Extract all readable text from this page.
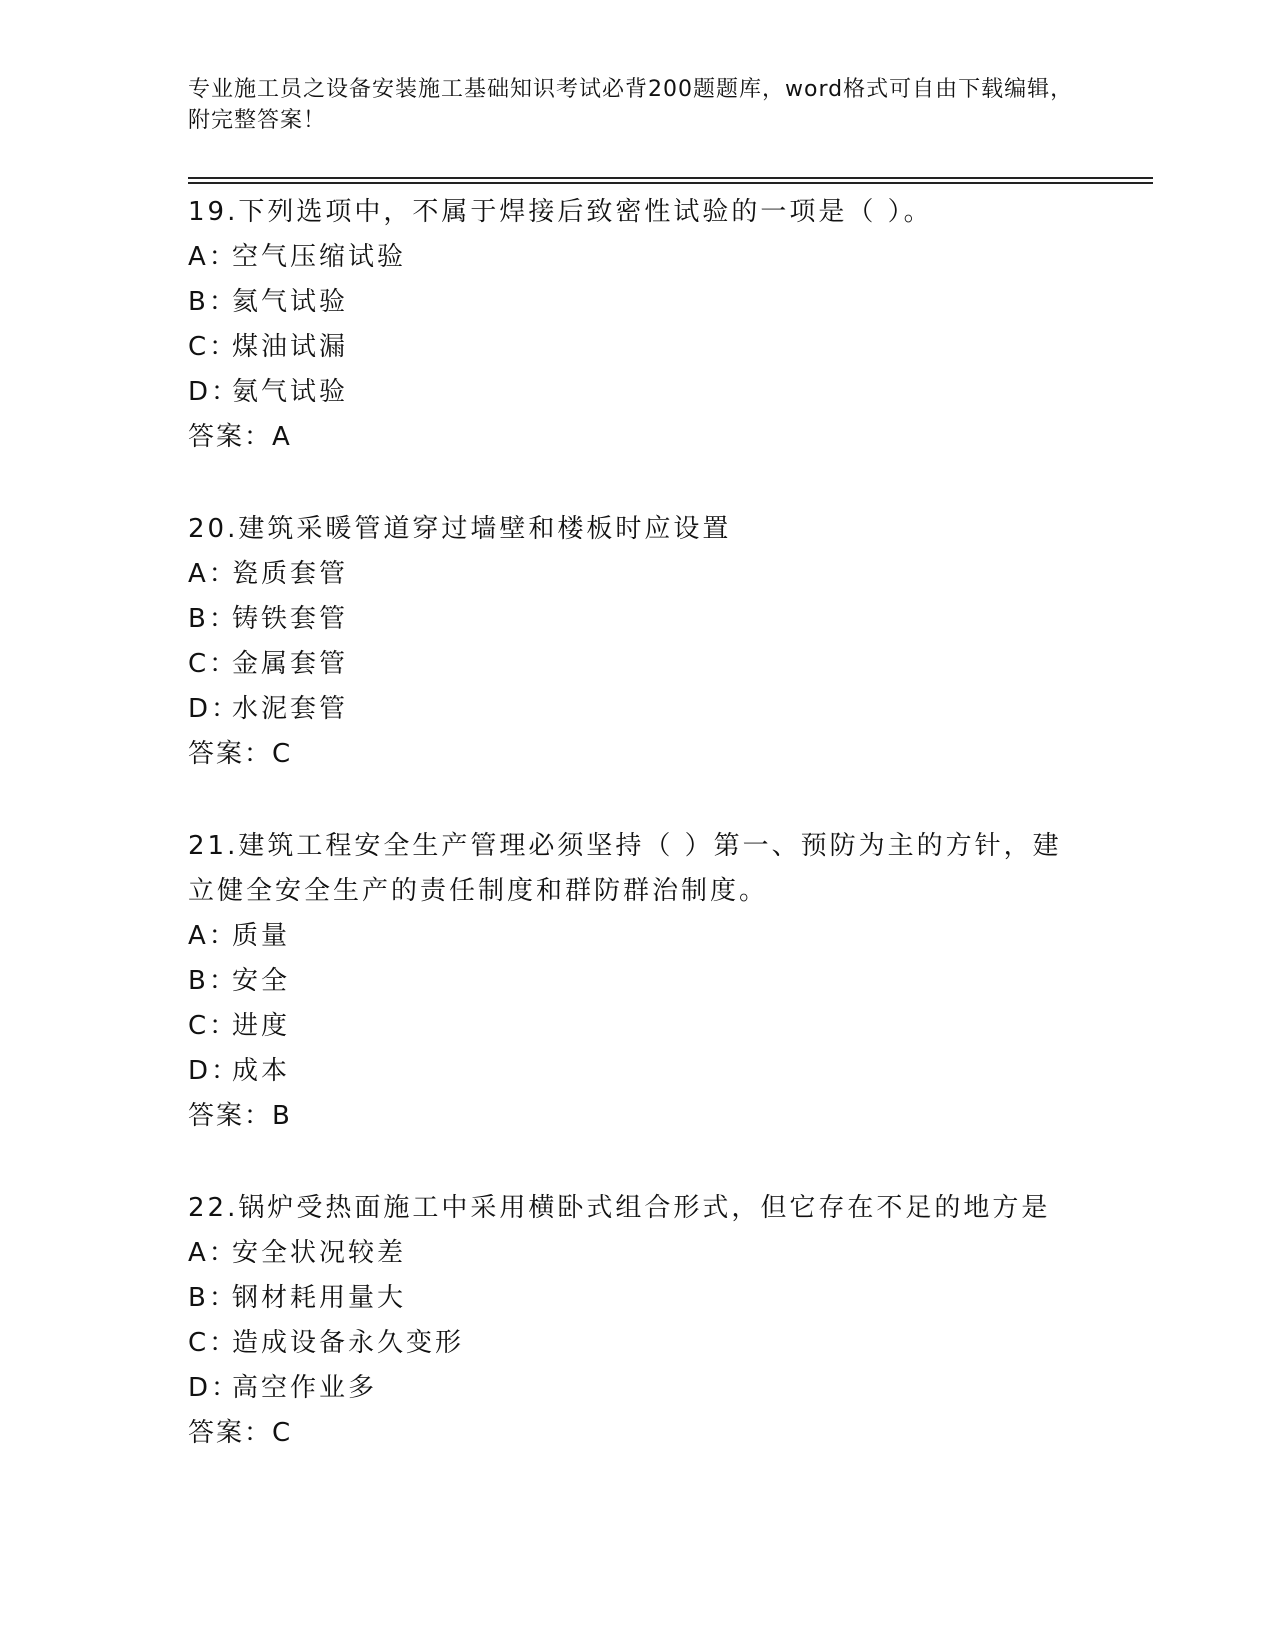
专业施工员之设备安装施工基础知识考试必背200题题库，word格式可自由下载编辑，附完整答案！
19.下列选项中，不属于焊接后致密性试验的一项是（ ）。
A：
空气压缩试验
B：
氦气试验
C：
煤油试漏
D：
氨气试验
答案：A
20.建筑采暖管道穿过墙壁和楼板时应设置
A：
瓷质套管
B：
铸铁套管
C：
金属套管
D：
水泥套管
答案：C
21.建筑工程安全生产管理必须坚持（ ）第一、预防为主的方针，建立健全安全生产的责任制度和群防群治制度。
A：
质量
B：
安全
C：
进度
D：
成本
答案：B
22.锅炉受热面施工中采用横卧式组合形式，但它存在不足的地方是
A：
安全状况较差
B：
钢材耗用量大
C：
造成设备永久变形
D：
高空作业多
答案：C
